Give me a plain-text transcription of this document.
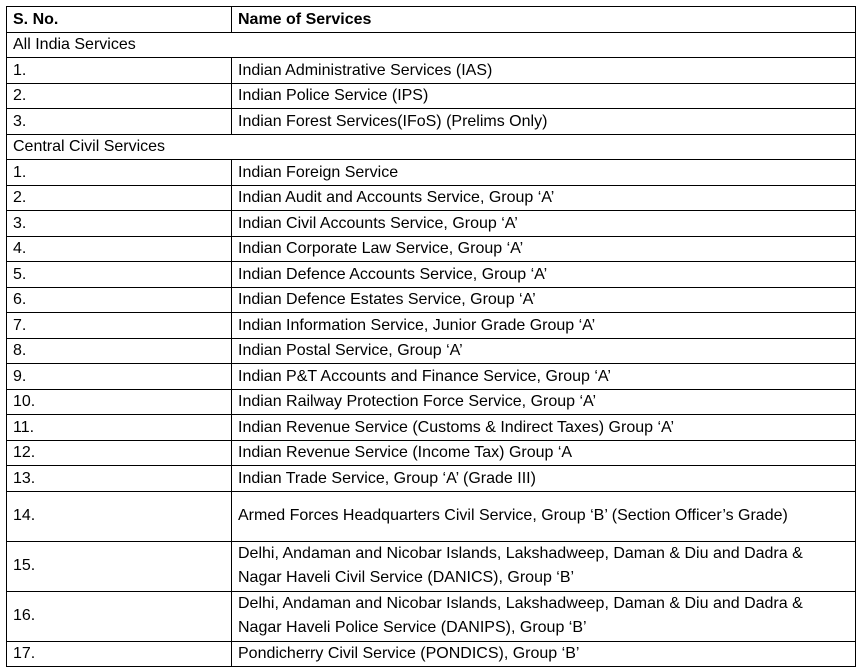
S. No.	Name of Services
All India Services	
1.	Indian Administrative Services (IAS)
2.	Indian Police Service (IPS)
3.	Indian Forest Services(IFoS) (Prelims Only)
Central Civil Services	
1.	Indian Foreign Service
2.	Indian Audit and Accounts Service, Group ‘A’
3.	Indian Civil Accounts Service, Group ‘A’
4.	Indian Corporate Law Service, Group ‘A’
5.	Indian Defence Accounts Service, Group ‘A’
6.	Indian Defence Estates Service, Group ‘A’
7.	Indian Information Service, Junior Grade Group ‘A’
8.	Indian Postal Service, Group ‘A’
9.	Indian P&T Accounts and Finance Service, Group ‘A’
10.	Indian Railway Protection Force Service, Group ‘A’
11.	Indian Revenue Service (Customs & Indirect Taxes) Group ‘A’
12.	Indian Revenue Service (Income Tax) Group ‘A
13.	Indian Trade Service, Group ‘A’ (Grade III)
14.	Armed Forces Headquarters Civil Service, Group ‘B’ (Section Officer’s Grade)
15.	Delhi, Andaman and Nicobar Islands, Lakshadweep, Daman & Diu and Dadra & Nagar Haveli Civil Service (DANICS), Group ‘B’
16.	Delhi, Andaman and Nicobar Islands, Lakshadweep, Daman & Diu and Dadra & Nagar Haveli Police Service (DANIPS), Group ‘B’
17.	Pondicherry Civil Service (PONDICS), Group ‘B’
